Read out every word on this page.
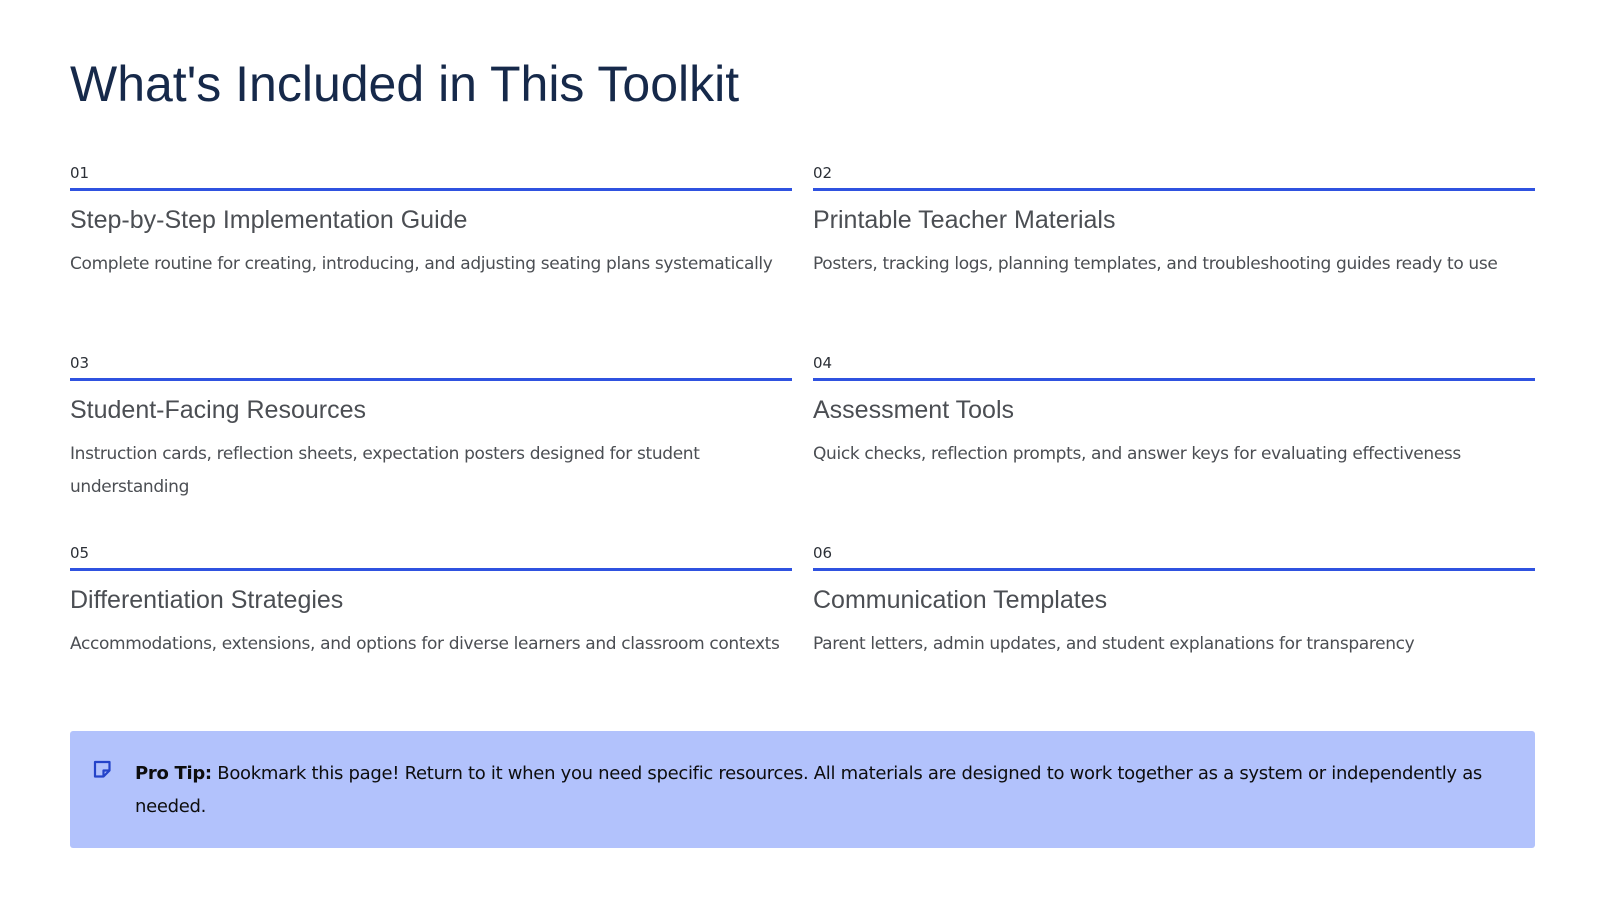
What's Included in This Toolkit
01
Step-by-Step Implementation Guide
Complete routine for creating, introducing, and adjusting seating plans systematically
02
Printable Teacher Materials
Posters, tracking logs, planning templates, and troubleshooting guides ready to use
03
Student-Facing Resources
Instruction cards, reflection sheets, expectation posters designed for student understanding
04
Assessment Tools
Quick checks, reflection prompts, and answer keys for evaluating effectiveness
05
Differentiation Strategies
Accommodations, extensions, and options for diverse learners and classroom contexts
06
Communication Templates
Parent letters, admin updates, and student explanations for transparency
Pro Tip: Bookmark this page! Return to it when you need specific resources. All materials are designed to work together as a system or independently as needed.
